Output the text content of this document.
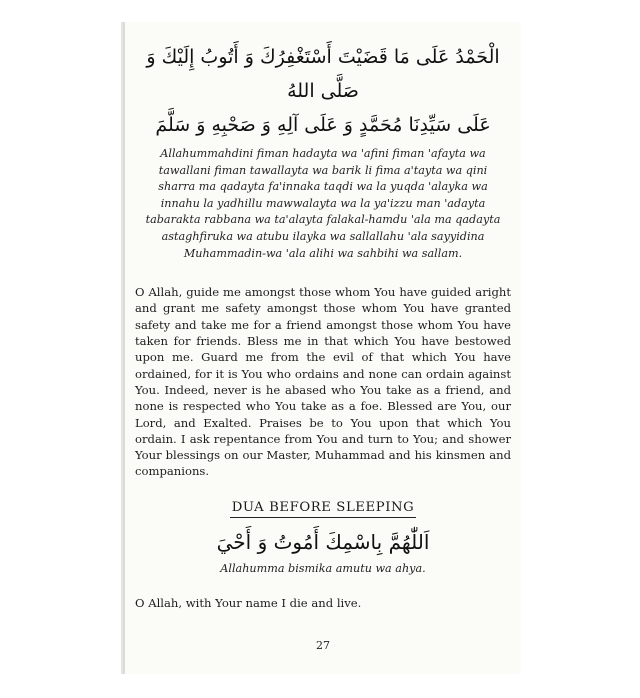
الْحَمْدُ عَلَى مَا قَضَيْتَ أَسْتَغْفِرُكَ وَ أَتُوبُ إِلَيْكَ وَ صَلَّى اللهُ

عَلَى سَيِّدِنَا مُحَمَّدٍ وَ عَلَى آلِهِ وَ صَحْبِهِ وَ سَلَّمَ

Allahummahdini fiman hadayta wa 'afini fiman 'afayta wa tawallani fiman tawallayta wa barik li fima a'tayta wa qini sharra ma qadayta fa'innaka taqdi wa la yuqda 'alayka wa innahu la yadhillu mawwalayta wa la ya'izzu man 'adayta tabarakta rabbana wa ta'alayta falakal-hamdu 'ala ma qadayta astaghfiruka wa atubu ilayka wa sallallahu 'ala sayyidina Muhammadin-wa 'ala alihi wa sahbihi wa sallam.

O Allah, guide me amongst those whom You have guided aright and grant me safety amongst those whom You have granted safety and take me for a friend amongst those whom You have taken for friends. Bless me in that which You have bestowed upon me. Guard me from the evil of that which You have ordained, for it is You who ordains and none can ordain against You. Indeed, never is he abased who You take as a friend, and none is respected who You take as a foe. Blessed are You, our Lord, and Exalted. Praises be to You upon that which You ordain. I ask repentance from You and turn to You; and shower Your blessings on our Master, Muhammad and his kinsmen and companions.

DUA BEFORE SLEEPING

اَللّٰهُمَّ بِاسْمِكَ أَمُوتُ وَ أَحْيَ

Allahumma bismika amutu wa ahya.

O Allah, with Your name I die and live.

27
